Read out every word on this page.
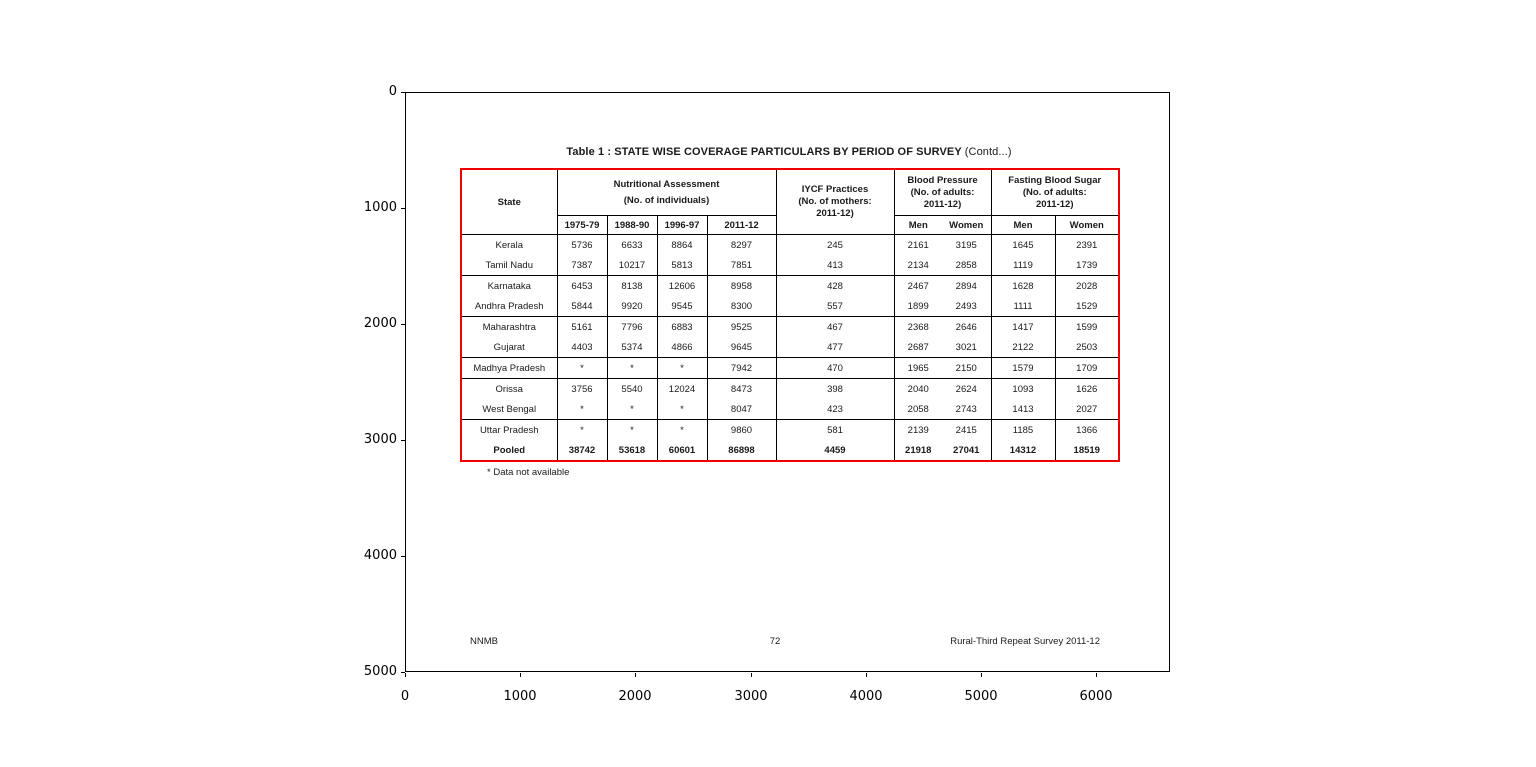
0
1000
2000
3000
4000
5000
0	1000	2000	3000	4000	5000	6000
Table 1 : STATE WISE COVERAGE PARTICULARS BY PERIOD OF SURVEY (Contd...)
State	
Nutritional Assessment
(No. of individuals)

IYCF Practices
(No. of mothers:
2011-12)

Blood Pressure
(No. of adults:
2011-12)

Fasting Blood Sugar
(No. of adults:
2011-12)

	1975-79	1988-90	1996-97	2011-12		Men	Women	Men	Women
Kerala	5736	6633	8864	8297	245	2161	3195	1645	2391
Tamil Nadu	7387	10217	5813	7851	413	2134	2858	1119	1739
Karnataka	6453	8138	12606	8958	428	2467	2894	1628	2028
Andhra Pradesh	5844	9920	9545	8300	557	1899	2493	1111	1529
Maharashtra	5161	7796	6883	9525	467	2368	2646	1417	1599
Gujarat	4403	5374	4866	9645	477	2687	3021	2122	2503
Madhya Pradesh	*	*	*	7942	470	1965	2150	1579	1709
Orissa	3756	5540	12024	8473	398	2040	2624	1093	1626
West Bengal	*	*	*	8047	423	2058	2743	1413	2027
Uttar Pradesh	*	*	*	9860	581	2139	2415	1185	1366
Pooled	38742	53618	60601	86898	4459	21918	27041	14312	18519
* Data not available
NNMB	72	Rural-Third Repeat Survey 2011-12
